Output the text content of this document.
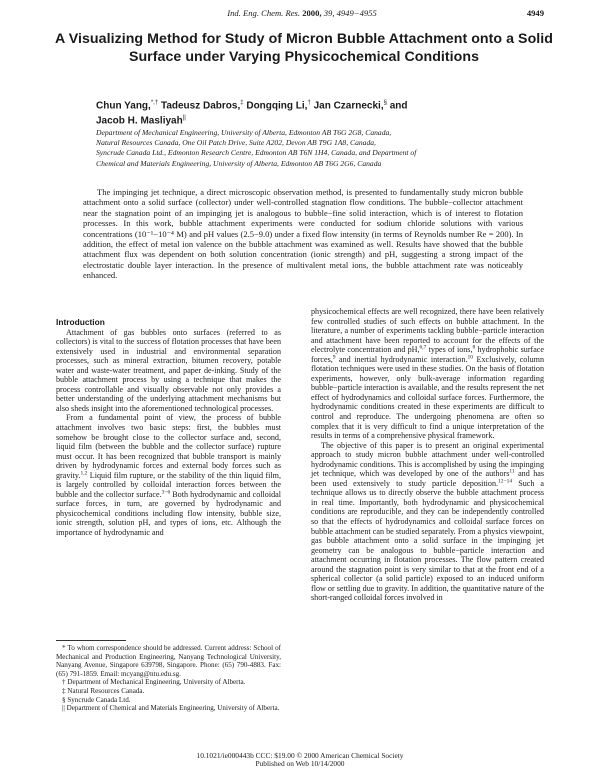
Ind. Eng. Chem. Res. 2000, 39, 4949−4955	4949
A Visualizing Method for Study of Micron Bubble Attachment onto a Solid Surface under Varying Physicochemical Conditions
Chun Yang,*,† Tadeusz Dabros,‡ Dongqing Li,† Jan Czarnecki,§ and
Jacob H. Masliyah||

Department of Mechanical Engineering, University of Alberta, Edmonton AB T6G 2G8, Canada,

Natural Resources Canada, One Oil Patch Drive, Suite A202, Devon AB T9G 1A8, Canada,

Syncrude Canada Ltd., Edmonton Research Centre, Edmonton AB T6N 1H4, Canada, and Department of

Chemical and Materials Engineering, University of Alberta, Edmonton AB T6G 2G6, Canada

The impinging jet technique, a direct microscopic observation method, is presented to fundamentally study micron bubble attachment onto a solid surface (collector) under well-controlled stagnation flow conditions. The bubble−collector attachment near the stagnation point of an impinging jet is analogous to bubble−fine solid interaction, which is of interest to flotation processes. In this work, bubble attachment experiments were conducted for sodium chloride solutions with various concentrations (10⁻¹−10⁻⁴ M) and pH values (2.5−9.0) under a fixed flow intensity (in terms of Reynolds number Re = 200). In addition, the effect of metal ion valence on the bubble attachment was examined as well. Results have showed that the bubble attachment flux was dependent on both solution concentration (ionic strength) and pH, suggesting a strong impact of the electrostatic double layer interaction. In the presence of multivalent metal ions, the bubble attachment rate was noticeably enhanced.

Introduction

Attachment of gas bubbles onto surfaces (referred to as collectors) is vital to the success of flotation processes that have been extensively used in industrial and environmental separation processes, such as mineral extraction, bitumen recovery, potable water and waste-water treatment, and paper de-inking. Study of the bubble attachment process by using a technique that makes the process controllable and visually observable not only provides a better understanding of the underlying attachment mechanisms but also sheds insight into the aforementioned technological processes.

From a fundamental point of view, the process of bubble attachment involves two basic steps: first, the bubbles must somehow be brought close to the collector surface and, second, liquid film (between the bubble and the collector surface) rupture must occur. It has been recognized that bubble transport is mainly driven by hydrodynamic forces and external body forces such as gravity.$^{1,2}$ Liquid film rupture, or the stability of the thin liquid film, is largely controlled by colloidal interaction forces between the bubble and the collector surface.$^{3-6}$ Both hydrodynamic and colloidal surface forces, in turn, are governed by hydrodynamic and physicochemical conditions including flow intensity, bubble size, ionic strength, solution pH, and types of ions, etc. Although the importance of hydrodynamic and

* To whom correspondence should be addressed. Current address: School of Mechanical and Production Engineering, Nanyang Technological University, Nanyang Avenue, Singapore 639798, Singapore. Phone: (65) 790-4883. Fax: (65) 791-1859. Email: mcyang@ntu.edu.sg.

† Department of Mechanical Engineering, University of Alberta.

‡ Natural Resources Canada.

§ Syncrude Canada Ltd.

|| Department of Chemical and Materials Engineering, University of Alberta.

physicochemical effects are well recognized, there have been relatively few controlled studies of such effects on bubble attachment. In the literature, a number of experiments tackling bubble−particle interaction and attachment have been reported to account for the effects of the electrolyte concentration and pH,$^{6,7}$ types of ions,$^8$ hydrophobic surface forces,$^9$ and inertial hydrodynamic interaction.$^{10}$ Exclusively, column flotation techniques were used in these studies. On the basis of flotation experiments, however, only bulk-average information regarding bubble−particle interaction is available, and the results represent the net effect of hydrodynamics and colloidal surface forces. Furthermore, the hydrodynamic conditions created in these experiments are difficult to control and reproduce. The undergoing phenomena are often so complex that it is very difficult to find a unique interpretation of the results in terms of a comprehensive physical framework.

The objective of this paper is to present an original experimental approach to study micron bubble attachment under well-controlled hydrodynamic conditions. This is accomplished by using the impinging jet technique, which was developed by one of the authors$^{11}$ and has been used extensively to study particle deposition.$^{12-14}$ Such a technique allows us to directly observe the bubble attachment process in real time. Importantly, both hydrodynamic and physicochemical conditions are reproducible, and they can be independently controlled so that the effects of hydrodynamics and colloidal surface forces on bubble attachment can be studied separately. From a physics viewpoint, gas bubble attachment onto a solid surface in the impinging jet geometry can be analogous to bubble−particle interaction and attachment occurring in flotation processes. The flow pattern created around the stagnation point is very similar to that at the front end of a spherical collector (a solid particle) exposed to an induced uniform flow or settling due to gravity. In addition, the quantitative nature of the short-ranged colloidal forces involved in

10.1021/ie000443b CCC: $19.00 © 2000 American Chemical Society
Published on Web 10/14/2000
